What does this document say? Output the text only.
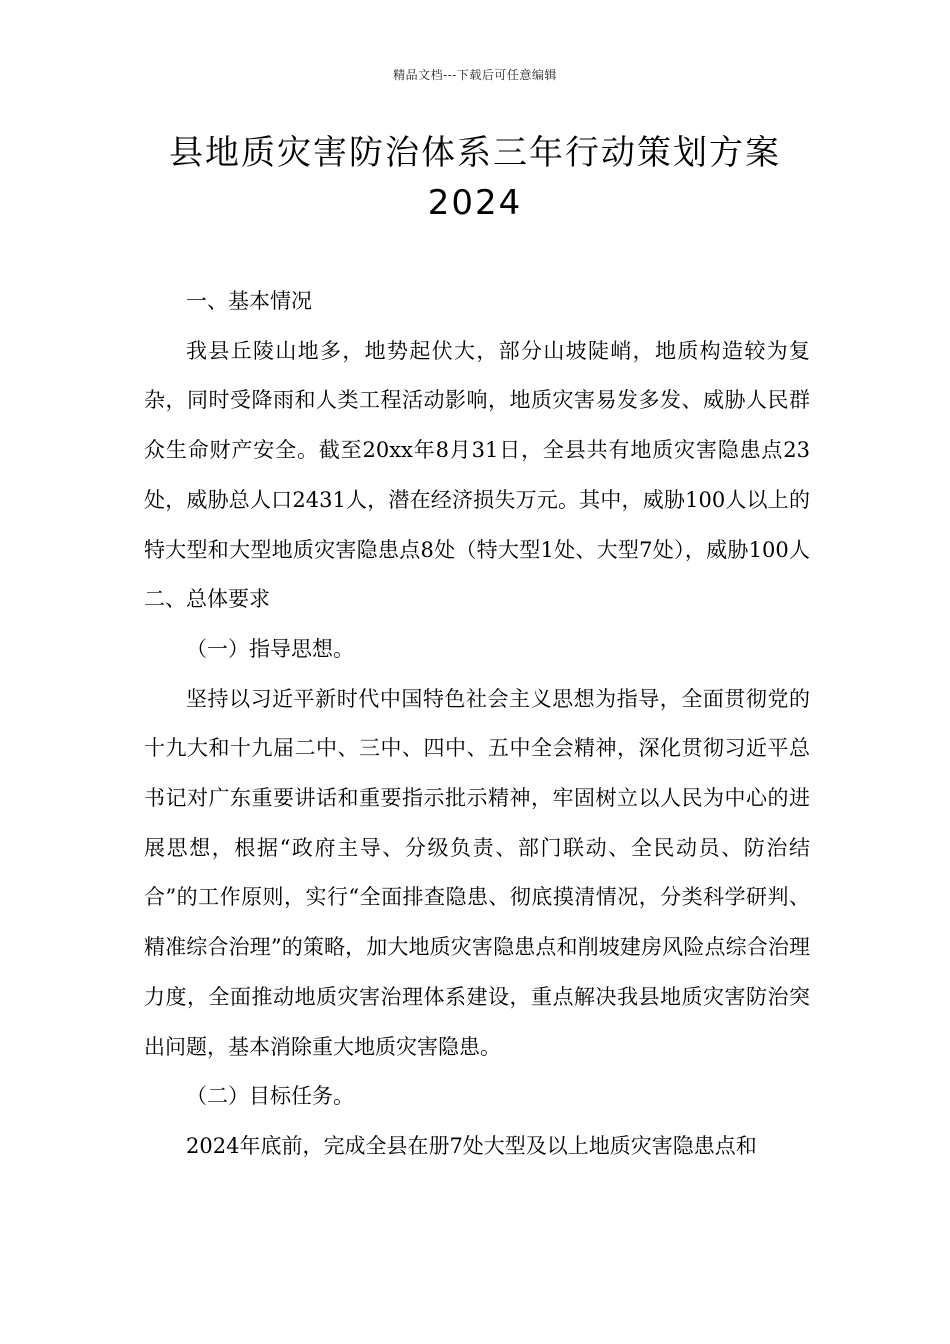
精品文档---下载后可任意编辑
县地质灾害防治体系三年行动策划方案
2024

一、基本情况

我县丘陵山地多，地势起伏大，部分山坡陡峭，地质构造较为复杂，同时受降雨和人类工程活动影响，地质灾害易发多发、威胁人民群众生命财产安全。截至20xx年8月31日，全县共有地质灾害隐患点23处，威胁总人口2431人，潜在经济损失万元。其中，威胁100人以上的特大型和大型地质灾害隐患点8处（特大型1处、大型7处），威胁100人二、总体要求

（一）指导思想。

坚持以习近平新时代中国特色社会主义思想为指导，全面贯彻党的十九大和十九届二中、三中、四中、五中全会精神，深化贯彻习近平总书记对广东重要讲话和重要指示批示精神，牢固树立以人民为中心的进展思想，根据“政府主导、分级负责、部门联动、全民动员、防治结合”的工作原则，实行“全面排查隐患、彻底摸清情况，分类科学研判、精准综合治理”的策略，加大地质灾害隐患点和削坡建房风险点综合治理力度，全面推动地质灾害治理体系建设，重点解决我县地质灾害防治突出问题，基本消除重大地质灾害隐患。

（二）目标任务。

2024年底前，完成全县在册7处大型及以上地质灾害隐患点和
